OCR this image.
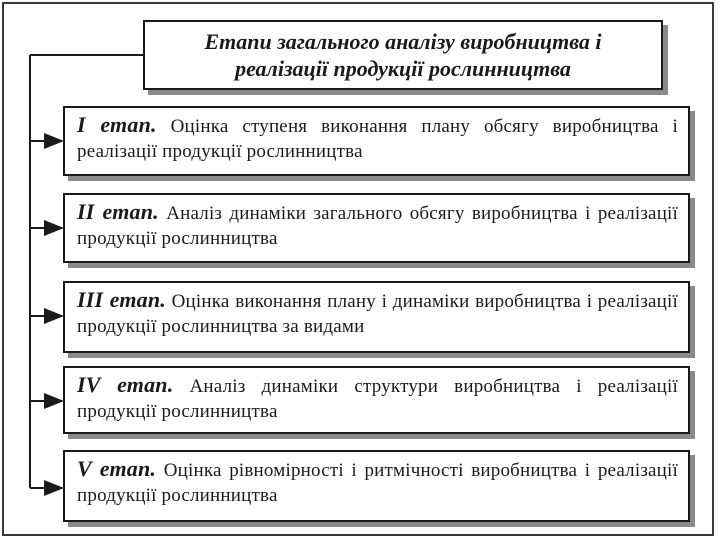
Етапи загального аналізу виробництва і
реалізації продукції рослинництва
I етап. Оцінка ступеня виконання плану обсягу виробництва і реалізації продукції рослинництва
II етап. Аналіз динаміки загального обсягу виробництва і реалізації продукції рослинництва
III етап. Оцінка виконання плану і динаміки виробництва і реалізації продукції рослинництва за видами
IV етап. Аналіз динаміки структури виробництва і реалізації продукції рослинництва
V етап. Оцінка рівномірності і ритмічності виробництва і реалізації продукції рослинництва
